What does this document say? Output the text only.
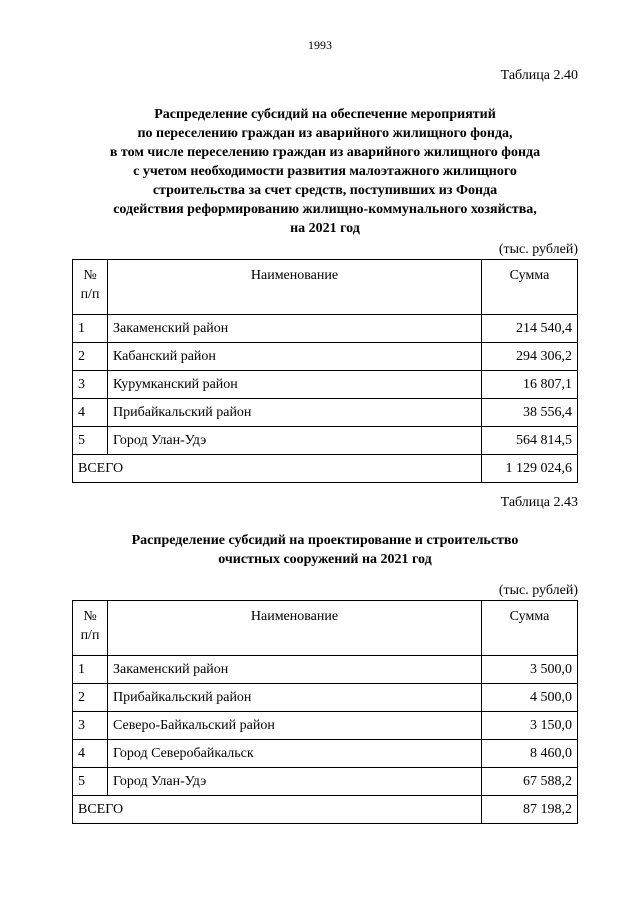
1993
Таблица 2.40
Распределение субсидий на обеспечение мероприятий
по переселению граждан из аварийного жилищного фонда,
в том числе переселению граждан из аварийного жилищного фонда
с учетом необходимости развития малоэтажного жилищного
строительства за счет средств, поступивших из Фонда
содействия реформированию жилищно-коммунального хозяйства,
на 2021 год
(тыс. рублей)
№
п/п	Наименование	Сумма
1	Закаменский район	214 540,4
2	Кабанский район	294 306,2
3	Курумканский район	16 807,1
4	Прибайкальский район	38 556,4
5	Город Улан-Удэ	564 814,5
ВСЕГО		1 129 024,6
Таблица 2.43
Распределение субсидий на проектирование и строительство
очистных сооружений на 2021 год
(тыс. рублей)
№
п/п	Наименование	Сумма
1	Закаменский район	3 500,0
2	Прибайкальский район	4 500,0
3	Северо-Байкальский район	3 150,0
4	Город Северобайкальск	8 460,0
5	Город Улан-Удэ	67 588,2
ВСЕГО		87 198,2
